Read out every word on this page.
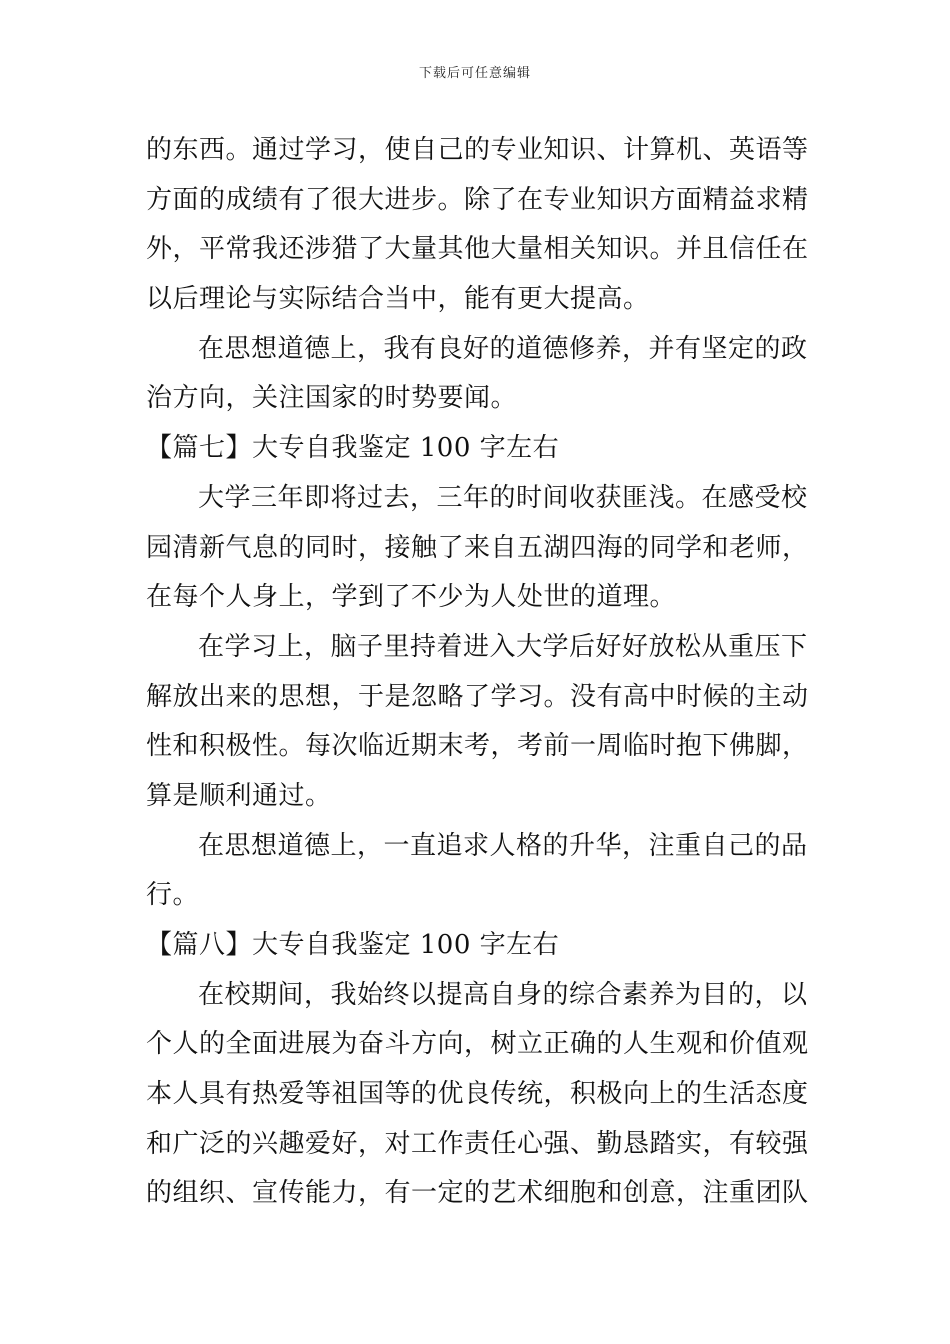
下载后可任意编辑
的东西。通过学习，使自己的专业知识、计算机、英语等
方面的成绩有了很大进步。除了在专业知识方面精益求精
外，平常我还涉猎了大量其他大量相关知识。并且信任在
以后理论与实际结合当中，能有更大提高。
在思想道德上，我有良好的道德修养，并有坚定的政
治方向，关注国家的时势要闻。
【篇七】大专自我鉴定 100 字左右
大学三年即将过去，三年的时间收获匪浅。在感受校
园清新气息的同时，接触了来自五湖四海的同学和老师，
在每个人身上，学到了不少为人处世的道理。
在学习上，脑子里持着进入大学后好好放松从重压下
解放出来的思想，于是忽略了学习。没有高中时候的主动
性和积极性。每次临近期末考，考前一周临时抱下佛脚，
算是顺利通过。
在思想道德上，一直追求人格的升华，注重自己的品
行。
【篇八】大专自我鉴定 100 字左右
在校期间，我始终以提高自身的综合素养为目的，以
个人的全面进展为奋斗方向，树立正确的人生观和价值观
本人具有热爱等祖国等的优良传统，积极向上的生活态度
和广泛的兴趣爱好，对工作责任心强、勤恳踏实，有较强
的组织、宣传能力，有一定的艺术细胞和创意，注重团队
